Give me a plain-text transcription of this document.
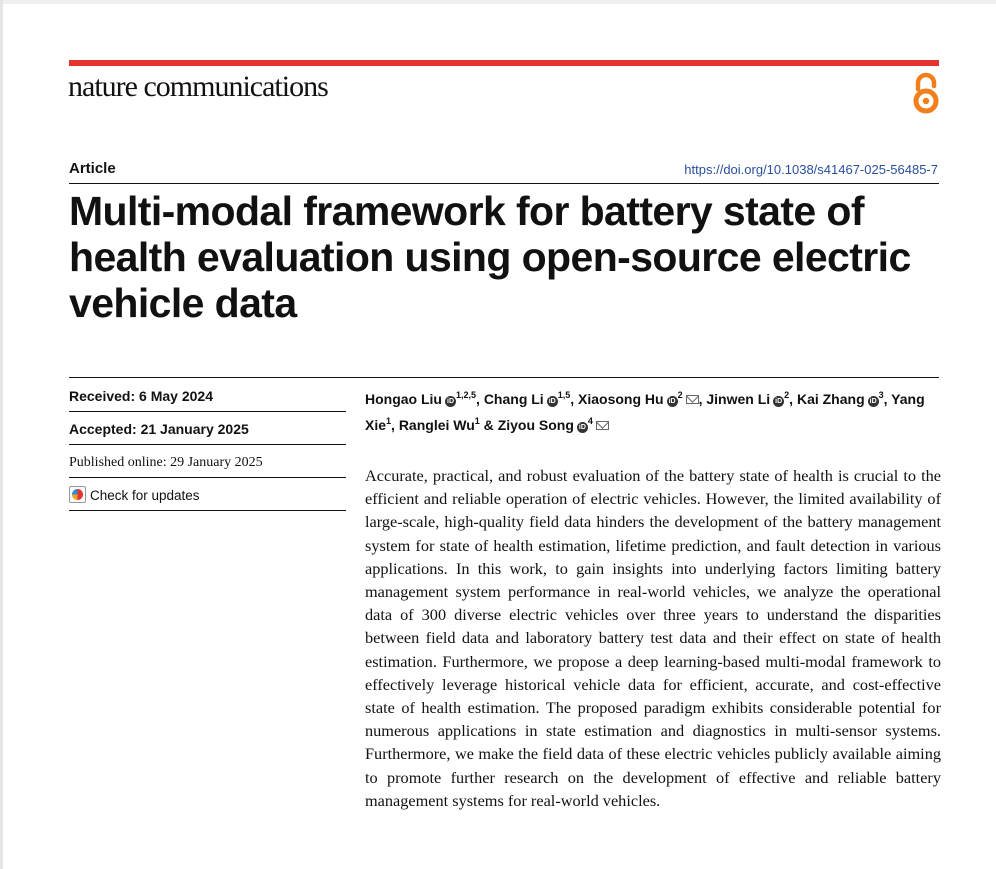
nature communications
Article	https://doi.org/10.1038/s41467-025-56485-7
Multi-modal framework for battery state of health evaluation using open-source electric vehicle data
Received: 6 May 2024
Accepted: 21 January 2025
Published online: 29 January 2025
Check for updates
Hongao Liu iD$^{1,2,5}$, Chang Li iD$^{1,5}$, Xiaosong Hu iD$^2$ , Jinwen Li iD$^2$, Kai Zhang iD$^3$, Yang Xie$^1$, Ranglei Wu$^1$ & Ziyou Song iD$^4$

Accurate, practical, and robust evaluation of the battery state of health is crucial to the efficient and reliable operation of electric vehicles. However, the limited availability of large-scale, high-quality field data hinders the development of the battery management system for state of health estimation, lifetime prediction, and fault detection in various applications. In this work, to gain insights into underlying factors limiting battery management system performance in real-world vehicles, we analyze the operational data of 300 diverse electric vehicles over three years to understand the disparities between field data and laboratory battery test data and their effect on state of health estimation. Furthermore, we propose a deep learning-based multi-modal framework to effectively leverage historical vehicle data for efficient, accurate, and cost-effective state of health estimation. The proposed paradigm exhibits considerable potential for numerous applications in state estimation and diagnostics in multi-sensor systems. Furthermore, we make the field data of these electric vehicles publicly available aiming to promote further research on the development of effective and reliable battery management systems for real-world vehicles.
